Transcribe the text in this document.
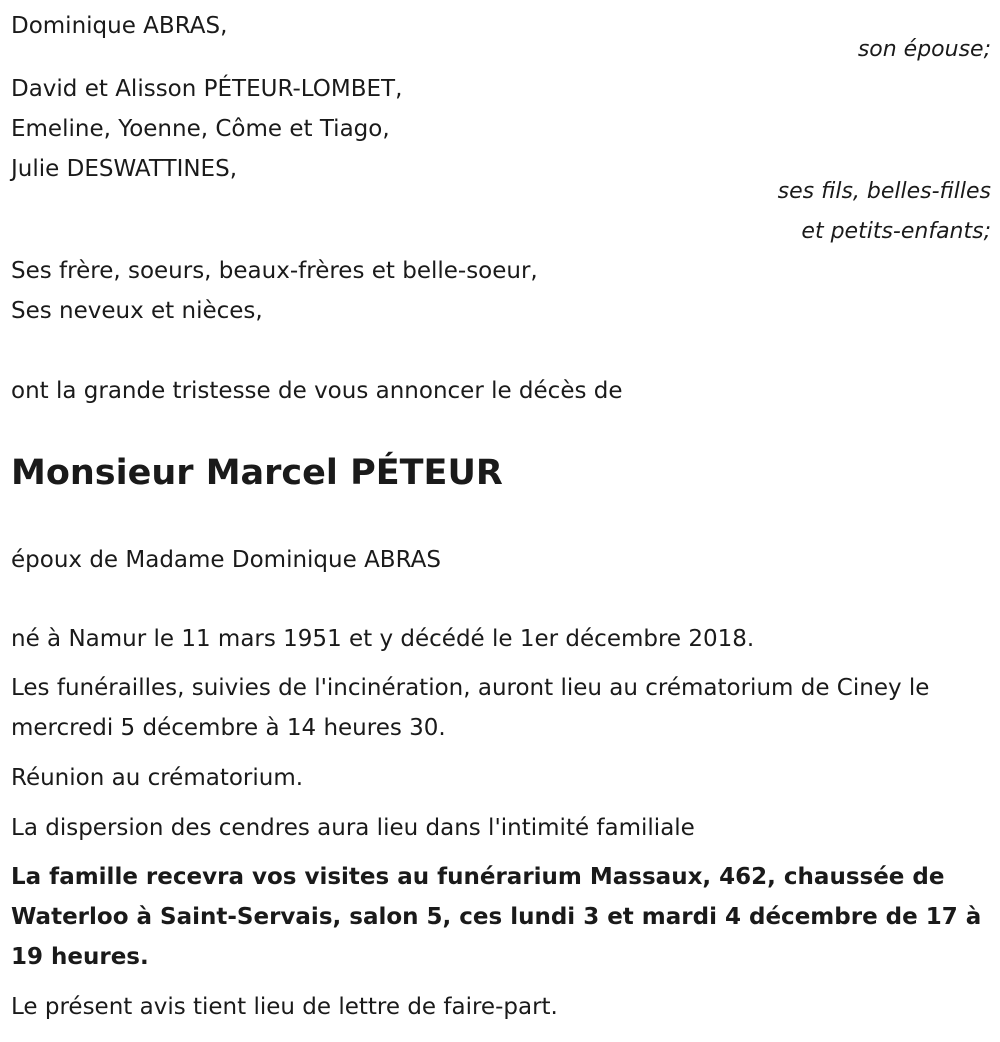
Dominique ABRAS,

son épouse;

David et Alisson PÉTEUR-LOMBET,

Emeline, Yoenne, Côme et Tiago,

Julie DESWATTINES,

ses fils, belles-filles

et petits-enfants;

Ses frère, soeurs, beaux-frères et belle-soeur,

Ses neveux et nièces,

ont la grande tristesse de vous annoncer le décès de

Monsieur Marcel PÉTEUR

époux de Madame Dominique ABRAS

né à Namur le 11 mars 1951 et y décédé le 1er décembre 2018.

Les funérailles, suivies de l'incinération, auront lieu au crématorium de Ciney le mercredi 5 décembre à 14 heures 30.

Réunion au crématorium.

La dispersion des cendres aura lieu dans l'intimité familiale

La famille recevra vos visites au funérarium Massaux, 462, chaussée de Waterloo à Saint-Servais, salon 5, ces lundi 3 et mardi 4 décembre de 17 à 19 heures.

Le présent avis tient lieu de lettre de faire-part.
